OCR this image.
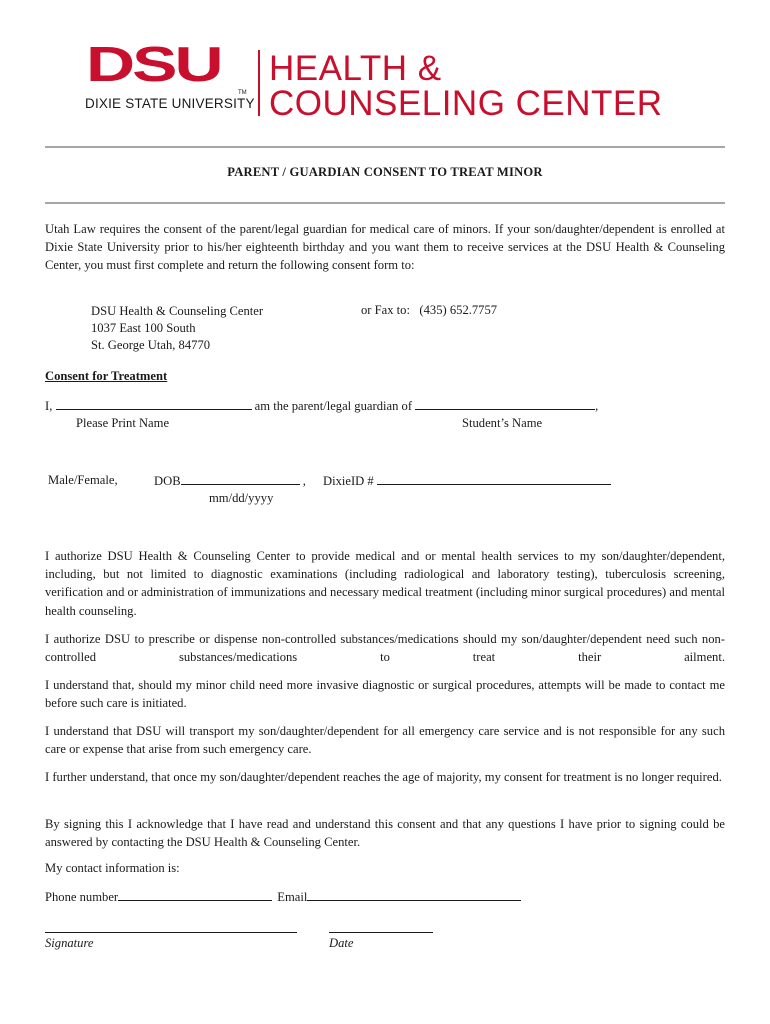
DSU
DIXIE STATE UNIVERSITY
TM
HEALTH &
COUNSELING CENTER
PARENT / GUARDIAN CONSENT TO TREAT MINOR
Utah Law requires the consent of the parent/legal guardian for medical care of minors. If your son/daughter/dependent is enrolled at Dixie State University prior to his/her eighteenth birthday and you want them to receive services at the DSU Health & Counseling Center, you must first complete and return the following consent form to:
DSU Health & Counseling Center
1037 East 100 South
St. George Utah, 84770
or Fax to:   (435) 652.7757
Consent for Treatment
I,	am the parent/legal guardian of	,
Please Print Name	Student’s Name
Male/Female,	DOB	, DixieID #
mm/dd/yyyy
I authorize DSU Health & Counseling Center to provide medical and or mental health services to my son/daughter/dependent, including, but not limited to diagnostic examinations (including radiological and laboratory testing), tuberculosis screening, verification and or administration of immunizations and necessary medical treatment (including minor surgical procedures) and mental health counseling.
I authorize DSU to prescribe or dispense non-controlled substances/medications should my son/daughter/dependent need such non-controlled substances/medications to treat their ailment.
I understand that, should my minor child need more invasive diagnostic or surgical procedures, attempts will be made to contact me before such care is initiated.
I understand that DSU will transport my son/daughter/dependent for all emergency care service and is not responsible for any such care or expense that arise from such emergency care.
I further understand, that once my son/daughter/dependent reaches the age of majority, my consent for treatment is no longer required.
By signing this I acknowledge that I have read and understand this consent and that any questions I have prior to signing could be answered by contacting the DSU Health & Counseling Center.
My contact information is:
Phone number	Email
Signature	Date
